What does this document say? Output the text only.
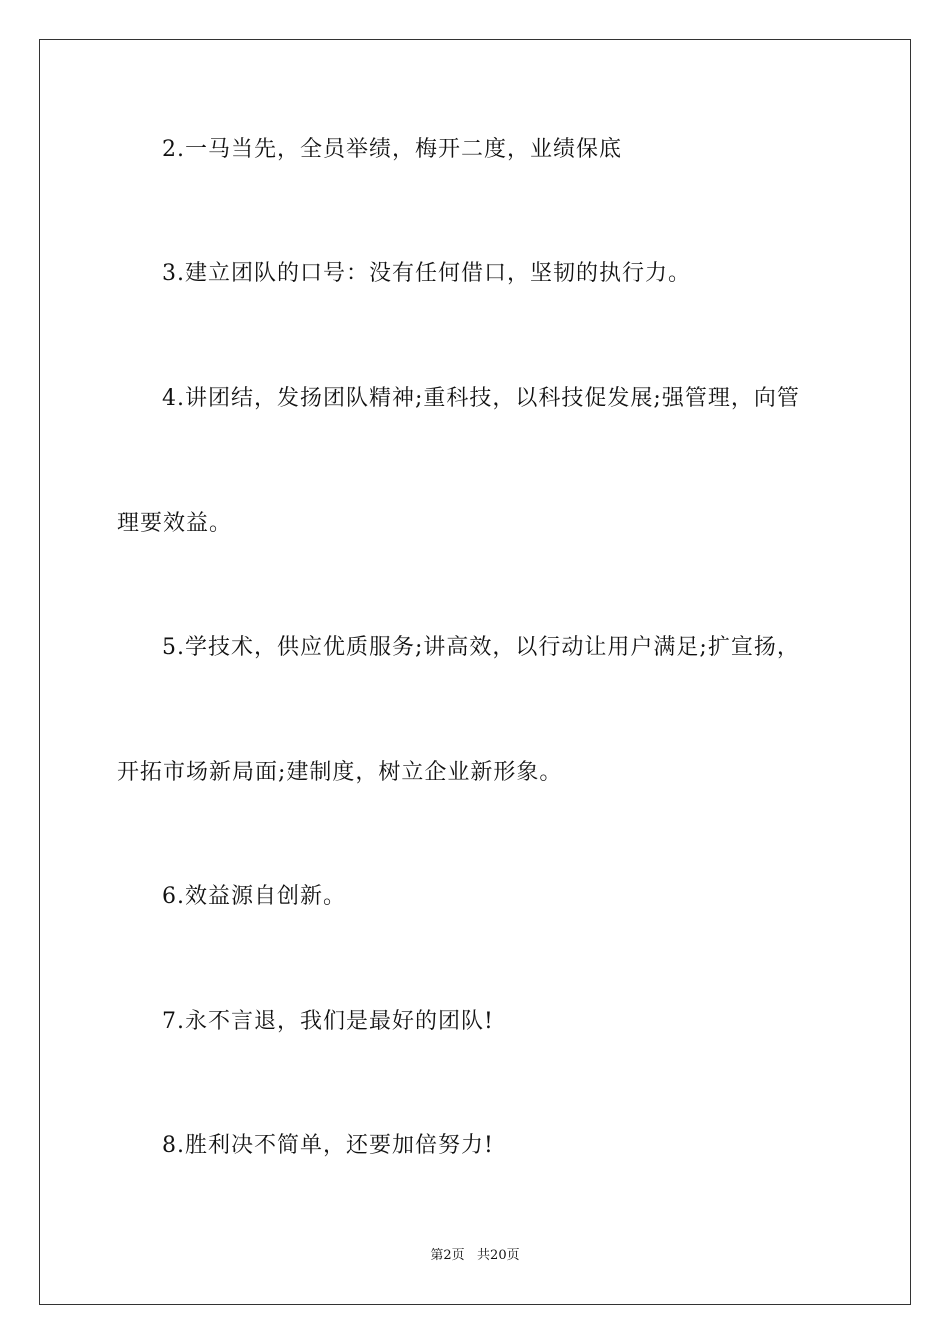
2.一马当先，全员举绩，梅开二度，业绩保底

3.建立团队的口号：没有任何借口，坚韧的执行力。

4.讲团结，发扬团队精神;重科技，以科技促发展;强管理，向管

理要效益。

5.学技术，供应优质服务;讲高效，以行动让用户满足;扩宣扬，

开拓市场新局面;建制度，树立企业新形象。

6.效益源自创新。

7.永不言退，我们是最好的团队!

8.胜利决不简单，还要加倍努力!

第2页   共20页
